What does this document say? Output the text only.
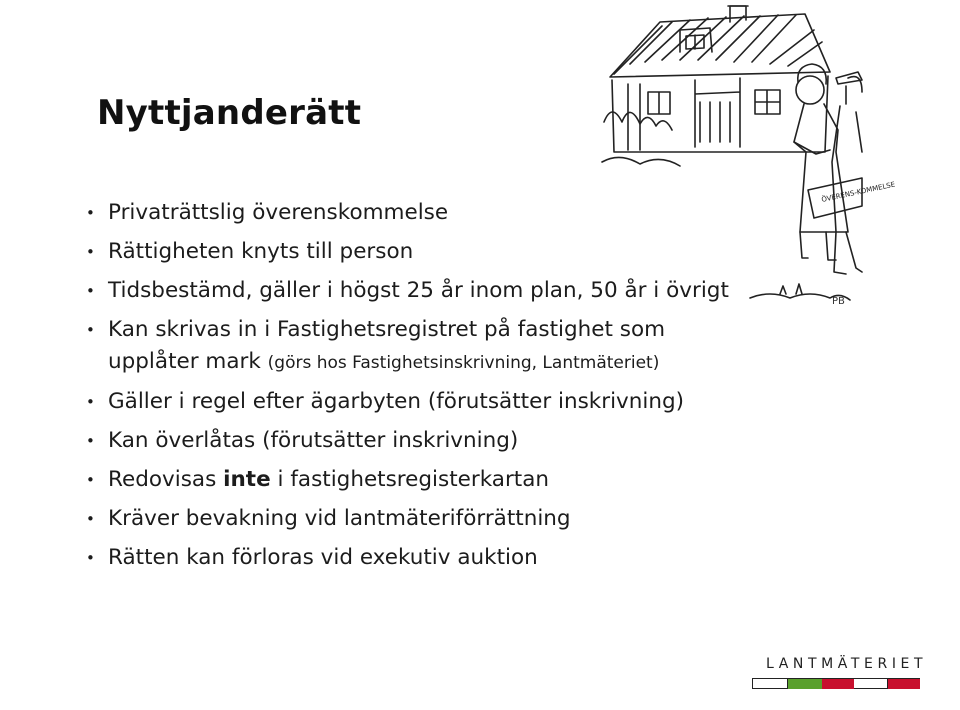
Nyttjanderätt
ÖVERENS-KOMMELSE
PB
• Privaträttslig överenskommelse
• Rättigheten knyts till person
• Tidsbestämd, gäller i högst 25 år inom plan, 50 år i övrigt
• Kan skrivas in i Fastighetsregistret på fastighet som
upplåter mark (görs hos Fastighetsinskrivning, Lantmäteriet)
• Gäller i regel efter ägarbyten (förutsätter inskrivning)
• Kan överlåtas (förutsätter inskrivning)
• Redovisas inte i fastighetsregisterkartan
• Kräver bevakning vid lantmäteriförrättning
• Rätten kan förloras vid exekutiv auktion
LANTMÄTERIET
